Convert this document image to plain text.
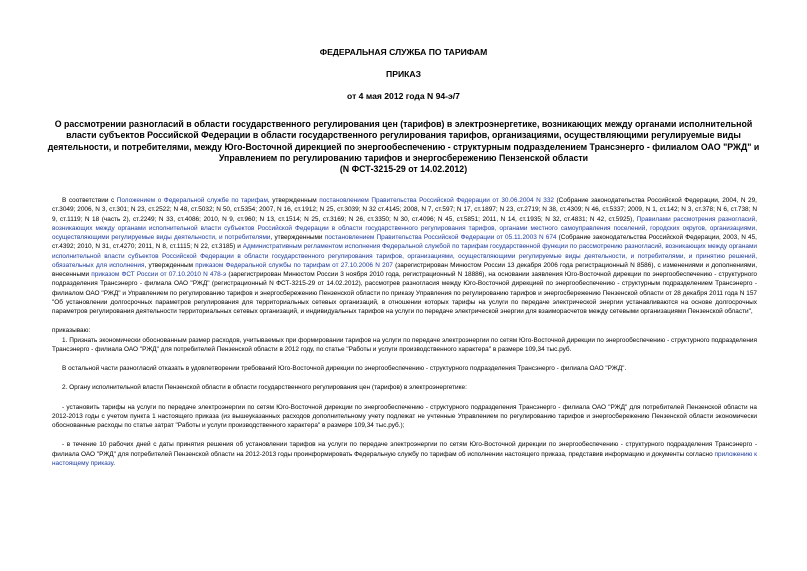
ФЕДЕРАЛЬНАЯ СЛУЖБА ПО ТАРИФАМ
ПРИКАЗ
от 4 мая 2012 года N 94-э/7
О рассмотрении разногласий в области государственного регулирования цен (тарифов) в электроэнергетике, возникающих между органами исполнительной власти субъектов Российской Федерации в области государственного регулирования тарифов, организациями, осуществляющими регулируемые виды деятельности, и потребителями, между Юго-Восточной дирекцией по энергообеспечению - структурным подразделением Трансэнерго - филиалом ОАО "РЖД" и Управлением по регулированию тарифов и энергосбережению Пензенской области
(N ФСТ-3215-29 от 14.02.2012)

В соответствии с Положением о Федеральной службе по тарифам, утвержденным постановлением Правительства Российской Федерации от 30.06.2004 N 332 (Собрание законодательства Российской Федерации, 2004, N 29, ст.3049; 2006, N 3, ст.301; N 23, ст.2522; N 48, ст.5032; N 50, ст.5354; 2007, N 16, ст.1912; N 25, ст.3039; N 32 ст.4145; 2008, N 7, ст.597; N 17, ст.1897; N 23, ст.2719; N 38, ст.4309; N 46, ст.5337; 2009, N 1, ст.142; N 3, ст.378; N 6, ст.738; N 9, ст.1119; N 18 (часть 2), ст.2249; N 33, ст.4086; 2010, N 9, ст.960; N 13, ст.1514; N 25, ст.3169; N 26, ст.3350; N 30, ст.4096; N 45, ст.5851; 2011, N 14, ст.1935; N 32, ст.4831; N 42, ст.5925), Правилами рассмотрения разногласий, возникающих между органами исполнительной власти субъектов Российской Федерации в области государственного регулирования тарифов, органами местного самоуправления поселений, городских округов, организациями, осуществляющими регулируемые виды деятельности, и потребителями, утвержденными постановлением Правительства Российской Федерации от 05.11.2003 N 674 (Собрание законодательства Российской Федерации, 2003, N 45, ст.4392; 2010, N 31, ст.4270; 2011, N 8, ст.1115; N 22, ст.3185) и Административным регламентом исполнения Федеральной службой по тарифам государственной функции по рассмотрению разногласий, возникающих между органами исполнительной власти субъектов Российской Федерации в области государственного регулирования тарифов, организациями, осуществляющими регулируемые виды деятельности, и потребителями, и принятию решений, обязательных для исполнения, утвержденным приказом Федеральной службы по тарифам от 27.10.2006 N 207 (зарегистрирован Минюстом России 13 декабря 2006 года регистрационный N 8586), с изменениями и дополнениями, внесенными приказом ФСТ России от 07.10.2010 N 478-э (зарегистрирован Минюстом России 3 ноября 2010 года, регистрационный N 18886), на основании заявления Юго-Восточной дирекции по энергообеспечению - структурного подразделения Трансэнерго - филиала ОАО "РЖД" (регистрационный N ФСТ-3215-29 от 14.02.2012), рассмотрев разногласия между Юго-Восточной дирекцией по энергообеспечению - структурным подразделением Трансэнерго - филиалом ОАО "РЖД" и Управлением по регулированию тарифов и энергосбережению Пензенской области по приказу Управления по регулированию тарифов и энергосбережению Пензенской области от 28 декабря 2011 года N 157 "Об установлении долгосрочных параметров регулирования для территориальных сетевых организаций, в отношении которых тарифы на услуги по передаче электрической энергии устанавливаются на основе долгосрочных параметров регулирования деятельности территориальных сетевых организаций, и индивидуальных тарифов на услуги по передаче электрической энергии для взаиморасчетов между сетевыми организациями Пензенской области",

приказываю:

1. Признать экономически обоснованным размер расходов, учитываемых при формировании тарифов на услуги по передаче электроэнергии по сетям Юго-Восточной дирекции по энергообеспечению - структурного подразделения Трансэнерго - филиала ОАО "РЖД" для потребителей Пензенской области в 2012 году, по статье "Работы и услуги производственного характера" в размере 109,34 тыс.руб.

В остальной части разногласий отказать в удовлетворении требований Юго-Восточной дирекции по энергообеспечению - структурного подразделения Трансэнерго - филиала ОАО "РЖД".

2. Органу исполнительной власти Пензенской области в области государственного регулирования цен (тарифов) в электроэнергетике:

- установить тарифы на услуги по передаче электроэнергии по сетям Юго-Восточной дирекции по энергообеспечению - структурного подразделения Трансэнерго - филиала ОАО "РЖД" для потребителей Пензенской области на 2012-2013 годы с учетом пункта 1 настоящего приказа (из вышеуказанных расходов дополнительному учету подлежат не учтенные Управлением по регулированию тарифов и энергосбережению Пензенской области экономически обоснованные расходы по статье затрат "Работы и услуги производственного характера" в размере 109,34 тыс.руб.);

- в течение 10 рабочих дней с даты принятия решения об установлении тарифов на услуги по передаче электроэнергии по сетям Юго-Восточной дирекции по энергообеспечению - структурного подразделения Трансэнерго - филиала ОАО "РЖД" для потребителей Пензенской области на 2012-2013 годы проинформировать Федеральную службу по тарифам об исполнении настоящего приказа, представив информацию и документы согласно приложению к настоящему приказу.
